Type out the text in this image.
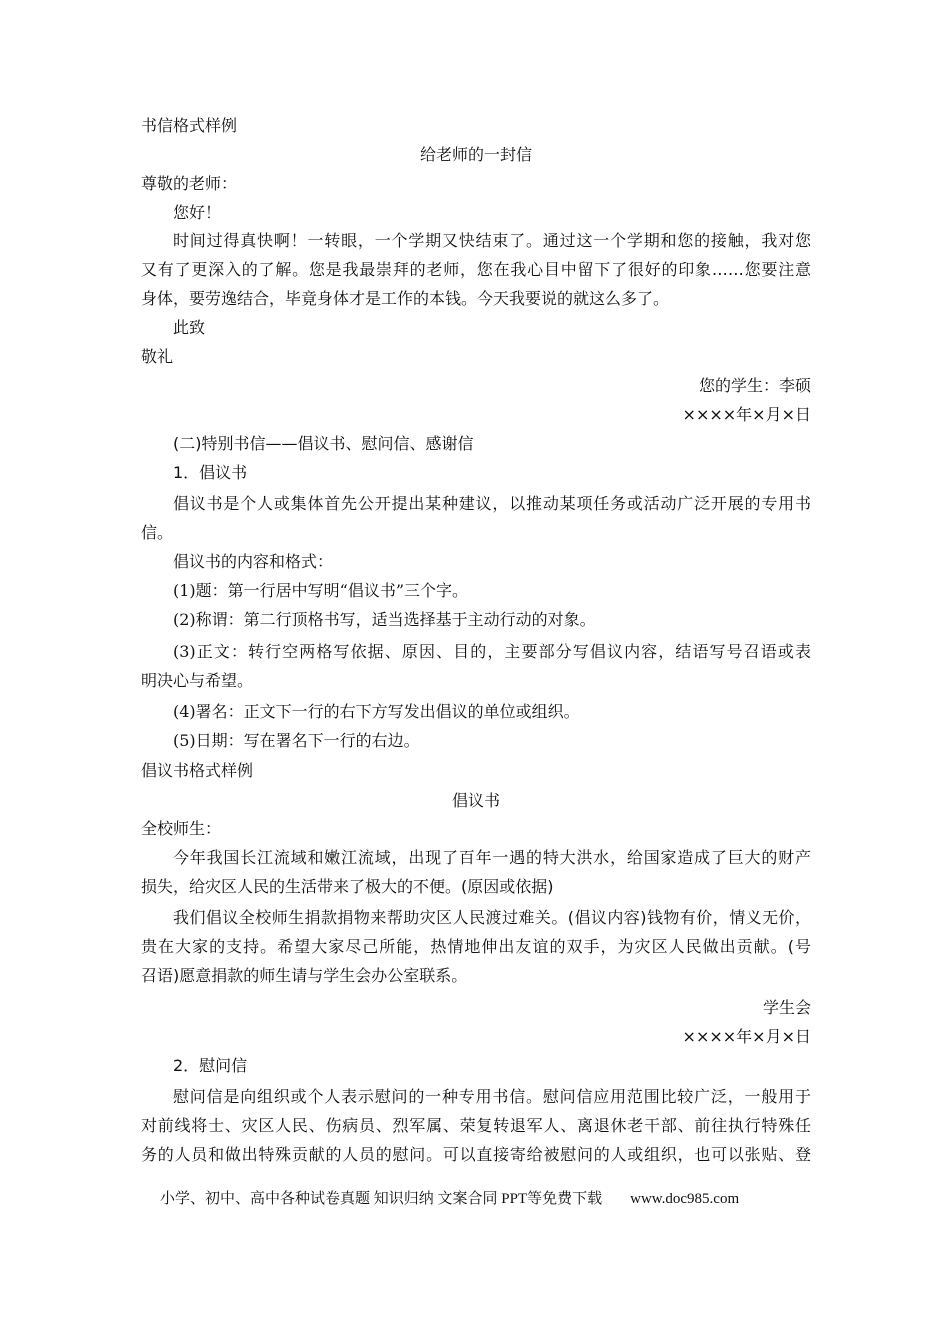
书信格式样例
给老师的一封信
尊敬的老师：
您好！
时间过得真快啊！一转眼，一个学期又快结束了。通过这一个学期和您的接触，我对您
又有了更深入的了解。您是我最崇拜的老师，您在我心目中留下了很好的印象……您要注意
身体，要劳逸结合，毕竟身体才是工作的本钱。今天我要说的就这么多了。
此致
敬礼
您的学生：李硕
××××年×月×日
(二)特别书信——倡议书、慰问信、感谢信
1．倡议书
倡议书是个人或集体首先公开提出某种建议，以推动某项任务或活动广泛开展的专用书
信。
倡议书的内容和格式：
(1)题：第一行居中写明“倡议书”三个字。
(2)称谓：第二行顶格书写，适当选择基于主动行动的对象。
(3)正文：转行空两格写依据、原因、目的，主要部分写倡议内容，结语写号召语或表
明决心与希望。
(4)署名：正文下一行的右下方写发出倡议的单位或组织。
(5)日期：写在署名下一行的右边。
倡议书格式样例
倡议书
全校师生：
今年我国长江流域和嫩江流域，出现了百年一遇的特大洪水，给国家造成了巨大的财产
损失，给灾区人民的生活带来了极大的不便。(原因或依据)
我们倡议全校师生捐款捐物来帮助灾区人民渡过难关。(倡议内容)钱物有价，情义无价，
贵在大家的支持。希望大家尽己所能，热情地伸出友谊的双手，为灾区人民做出贡献。(号
召语)愿意捐款的师生请与学生会办公室联系。
学生会
××××年×月×日
2．慰问信
慰问信是向组织或个人表示慰问的一种专用书信。慰问信应用范围比较广泛，一般用于
对前线将士、灾区人民、伤病员、烈军属、荣复转退军人、离退休老干部、前往执行特殊任
务的人员和做出特殊贡献的人员的慰问。可以直接寄给被慰问的人或组织，也可以张贴、登
小学、初中、高中各种试卷真题 知识归纳 文案合同 PPT等免费下载 www.doc985.com
